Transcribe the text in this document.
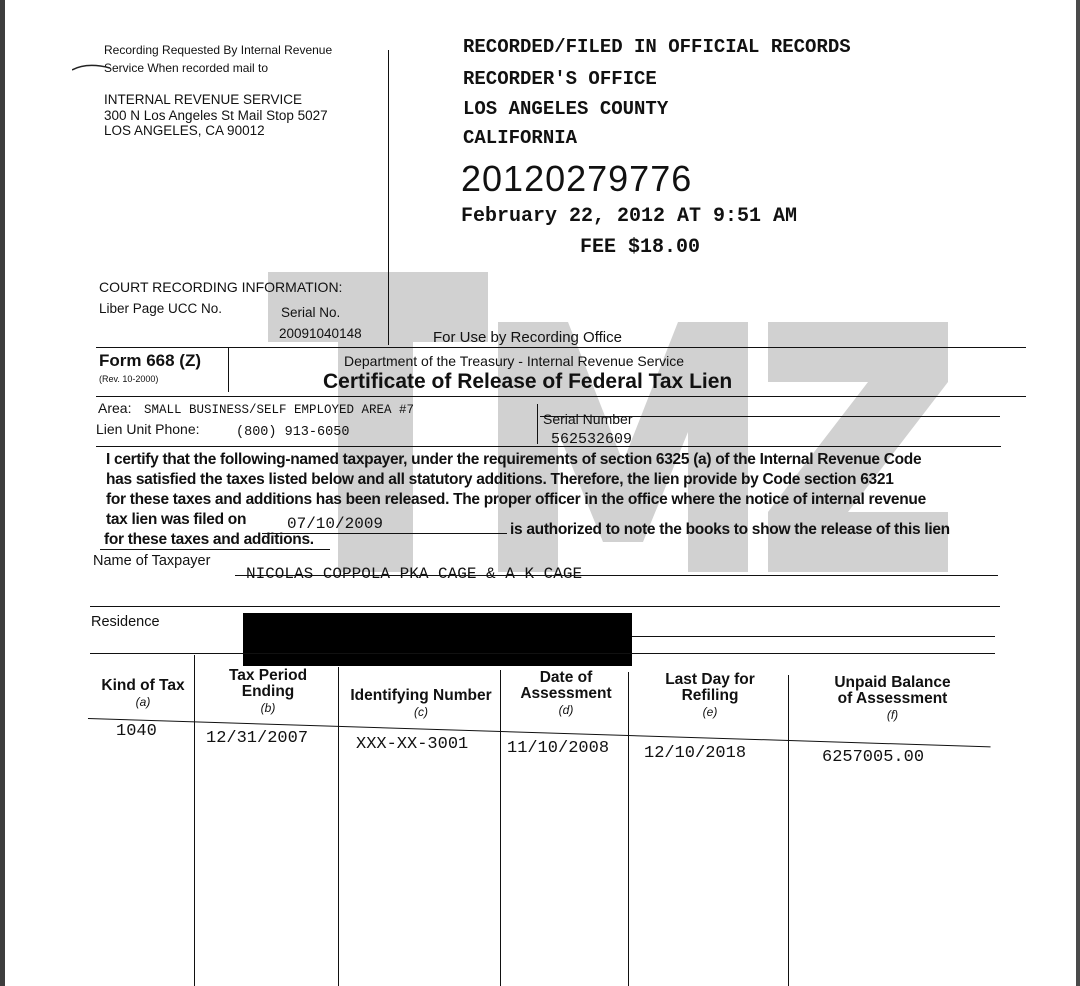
Recording Requested By Internal Revenue
Service When recorded mail to
INTERNAL REVENUE SERVICE
300 N Los Angeles St Mail Stop 5027
LOS ANGELES, CA 90012
RECORDED/FILED IN OFFICIAL RECORDS
RECORDER'S OFFICE
LOS ANGELES COUNTY
CALIFORNIA
20120279776
February 22, 2012 AT 9:51 AM
FEE $18.00
COURT RECORDING INFORMATION:
Liber Page UCC No.	Serial No.
20091040148	For Use by Recording Office
Form 668 (Z)
(Rev. 10-2000)
Department of the Treasury - Internal Revenue Service
Certificate of Release of Federal Tax Lien
Area: SMALL BUSINESS/SELF EMPLOYED AREA #7
Lien Unit Phone:	(800) 913-6050
Serial Number
562532609
I certify that the following-named taxpayer, under the requirements of section 6325 (a) of the Internal Revenue Code
has satisfied the taxes listed below and all statutory additions. Therefore, the lien provide by Code section 6321
for these taxes and additions has been released. The proper officer in the office where the notice of internal revenue
tax lien was filed on	07/10/2009	is authorized to note the books to show the release of this lien
for these taxes and additions.
Name of Taxpayer
NICOLAS COPPOLA PKA CAGE & A K CAGE
Residence
Kind of Tax
(a)
Tax Period
Ending
(b)
Identifying Number
(c)
Date of
Assessment
(d)
Last Day for
Refiling
(e)
Unpaid Balance
of Assessment
(f)
1040	12/31/2007	XXX-XX-3001 11/10/2008 12/10/2018	6257005.00
